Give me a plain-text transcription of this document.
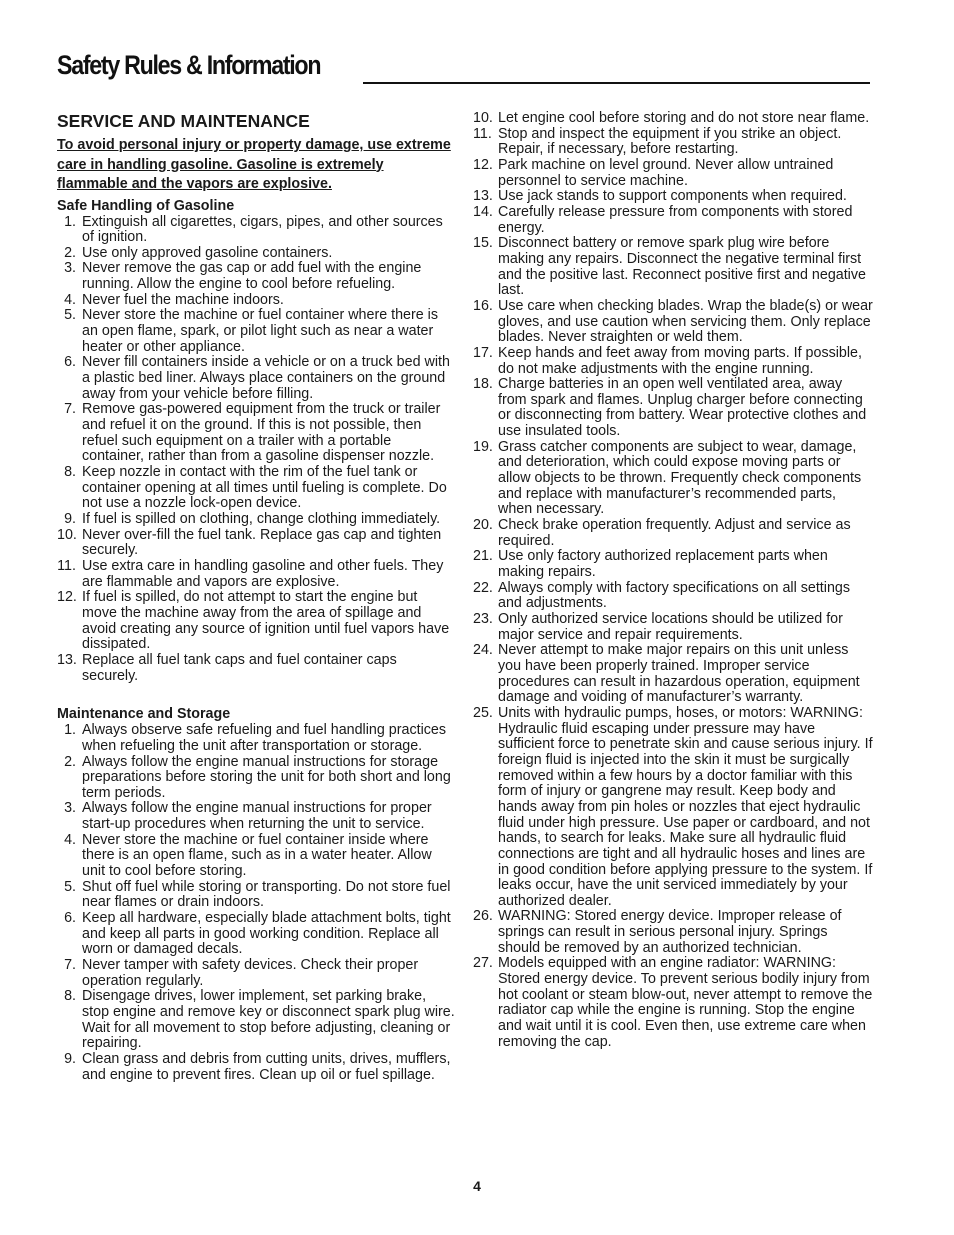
Safety Rules & Information
SERVICE AND MAINTENANCE
To avoid personal injury or property damage, use extreme care in handling gasoline. Gasoline is extremely flammable and the vapors are explosive.
Safe Handling of Gasoline
1. Extinguish all cigarettes, cigars, pipes, and other sources of ignition.
2. Use only approved gasoline containers.
3. Never remove the gas cap or add fuel with the engine running. Allow the engine to cool before refueling.
4. Never fuel the machine indoors.
5. Never store the machine or fuel container where there is an open flame, spark, or pilot light such as near a water heater or other appliance.
6. Never fill containers inside a vehicle or on a truck bed with a plastic bed liner. Always place containers on the ground away from your vehicle before filling.
7. Remove gas-powered equipment from the truck or trailer and refuel it on the ground. If this is not possible, then refuel such equipment on a trailer with a portable container, rather than from a gasoline dispenser nozzle.
8. Keep nozzle in contact with the rim of the fuel tank or container opening at all times until fueling is complete. Do not use a nozzle lock-open device.
9. If fuel is spilled on clothing, change clothing immediately.
10. Never over-fill the fuel tank. Replace gas cap and tighten securely.
11. Use extra care in handling gasoline and other fuels. They are flammable and vapors are explosive.
12. If fuel is spilled, do not attempt to start the engine but move the machine away from the area of spillage and avoid creating any source of ignition until fuel vapors have dissipated.
13. Replace all fuel tank caps and fuel container caps securely.
Maintenance and Storage
1. Always observe safe refueling and fuel handling practices when refueling the unit after transportation or storage.
2. Always follow the engine manual instructions for storage preparations before storing the unit for both short and long term periods.
3. Always follow the engine manual instructions for proper start-up procedures when returning the unit to service.
4. Never store the machine or fuel container inside where there is an open flame, such as in a water heater. Allow unit to cool before storing.
5. Shut off fuel while storing or transporting. Do not store fuel near flames or drain indoors.
6. Keep all hardware, especially blade attachment bolts, tight and keep all parts in good working condition. Replace all worn or damaged decals.
7. Never tamper with safety devices. Check their proper operation regularly.
8. Disengage drives, lower implement, set parking brake, stop engine and remove key or disconnect spark plug wire. Wait for all movement to stop before adjusting, cleaning or repairing.
9. Clean grass and debris from cutting units, drives, mufflers, and engine to prevent fires. Clean up oil or fuel spillage.
10. Let engine cool before storing and do not store near flame.
11. Stop and inspect the equipment if you strike an object. Repair, if necessary, before restarting.
12. Park machine on level ground. Never allow untrained personnel to service machine.
13. Use jack stands to support components when required.
14. Carefully release pressure from components with stored energy.
15. Disconnect battery or remove spark plug wire before making any repairs. Disconnect the negative terminal first and the positive last. Reconnect positive first and negative last.
16. Use care when checking blades. Wrap the blade(s) or wear gloves, and use caution when servicing them. Only replace blades. Never straighten or weld them.
17. Keep hands and feet away from moving parts. If possible, do not make adjustments with the engine running.
18. Charge batteries in an open well ventilated area, away from spark and flames. Unplug charger before connecting or disconnecting from battery. Wear protective clothes and use insulated tools.
19. Grass catcher components are subject to wear, damage, and deterioration, which could expose moving parts or allow objects to be thrown. Frequently check components and replace with manufacturer’s recommended parts, when necessary.
20. Check brake operation frequently. Adjust and service as required.
21. Use only factory authorized replacement parts when making repairs.
22. Always comply with factory specifications on all settings and adjustments.
23. Only authorized service locations should be utilized for major service and repair requirements.
24. Never attempt to make major repairs on this unit unless you have been properly trained. Improper service procedures can result in hazardous operation, equipment damage and voiding of manufacturer’s warranty.
25. Units with hydraulic pumps, hoses, or motors: WARNING: Hydraulic fluid escaping under pressure may have sufficient force to penetrate skin and cause serious injury. If foreign fluid is injected into the skin it must be surgically removed within a few hours by a doctor familiar with this form of injury or gangrene may result. Keep body and hands away from pin holes or nozzles that eject hydraulic fluid under high pressure. Use paper or cardboard, and not hands, to search for leaks. Make sure all hydraulic fluid connections are tight and all hydraulic hoses and lines are in good condition before applying pressure to the system. If leaks occur, have the unit serviced immediately by your authorized dealer.
26. WARNING: Stored energy device. Improper release of springs can result in serious personal injury. Springs should be removed by an authorized technician.
27. Models equipped with an engine radiator: WARNING: Stored energy device. To prevent serious bodily injury from hot coolant or steam blow-out, never attempt to remove the radiator cap while the engine is running. Stop the engine and wait until it is cool. Even then, use extreme care when removing the cap.
4
